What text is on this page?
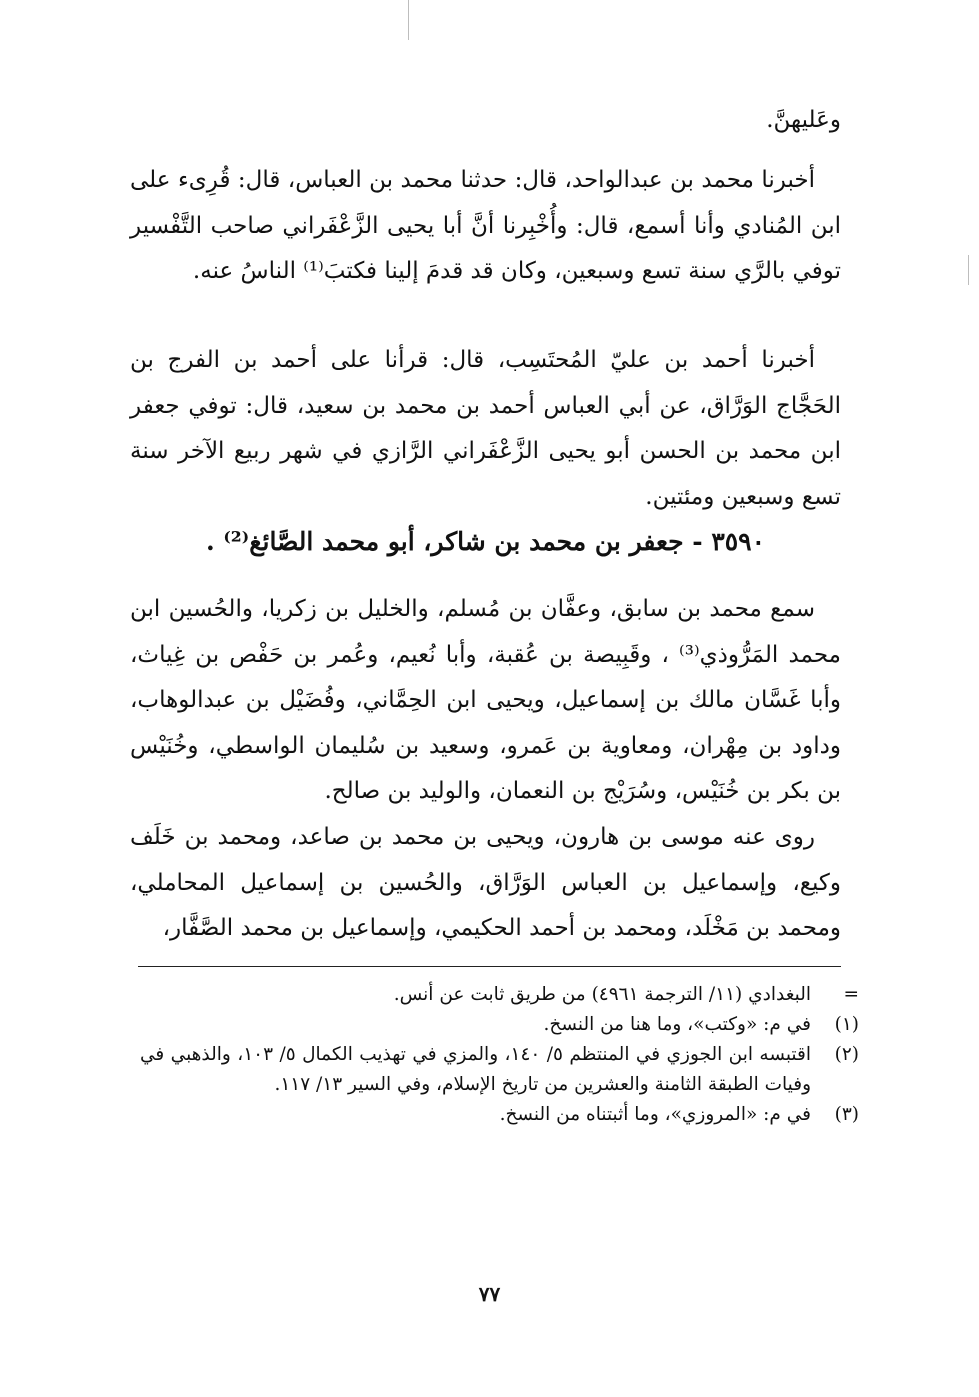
وعَليهنَّ.

أخبرنا محمد بن عبدالواحد، قال: حدثنا محمد بن العباس، قال: قُرِىء على ابن المُنادي وأنا أسمع، قال: وأُخْبِرنا أنَّ أبا يحيى الزَّعْفَراني صاحب التَّفْسير توفي بالرَّي سنة تسع وسبعين، وكان قد قدمَ إلينا فكتبَ⁽¹⁾ الناسُ عنه.

أخبرنا أحمد بن عليّ المُحتَسِب، قال: قرأنا على أحمد بن الفرج بن الحَجَّاج الوَرَّاق، عن أبي العباس أحمد بن محمد بن سعيد، قال: توفي جعفر ابن محمد بن الحسن أبو يحيى الزَّعْفَراني الرَّازي في شهر ربيع الآخر سنة تسع وسبعين ومئتين.

٣٥٩٠ - جعفر بن محمد بن شاكر، أبو محمد الصَّائغ⁽²⁾ .

سمع محمد بن سابق، وعفَّان بن مُسلم، والخليل بن زكريا، والحُسين ابن محمد المَرُّوذي⁽³⁾ ، وقَبِيصة بن عُقبة، وأبا نُعيم، وعُمر بن حَفْص بن غِياث، وأبا غَسَّان مالك بن إسماعيل، ويحيى ابن الحِمَّاني، وفُضَيْل بن عبدالوهاب، وداود بن مِهْران، ومعاوية بن عَمرو، وسعيد بن سُليمان الواسطي، وخُنَيْس بن بكر بن خُنَيْس، وسُرَيْج بن النعمان، والوليد بن صالح.

روى عنه موسى بن هارون، ويحيى بن محمد بن صاعد، ومحمد بن خَلَف وكيع، وإسماعيل بن العباس الوَرَّاق، والحُسين بن إسماعيل المحاملي، ومحمد بن مَخْلَد، ومحمد بن أحمد الحكيمي، وإسماعيل بن محمد الصَّفَّار،

=
البغدادي (١١/ الترجمة ٤٩٦١) من طريق ثابت عن أنس.
(١)
في م: «وكتب»، وما هنا من النسخ.
(٢)
اقتبسه ابن الجوزي في المنتظم ٥/ ١٤٠، والمزي في تهذيب الكمال ٥/ ١٠٣، والذهبي في وفيات الطبقة الثامنة والعشرين من تاريخ الإسلام، وفي السير ١٣/ ١١٧.
(٣)
في م: «المروزي»، وما أثبتناه من النسخ.
٧٧
